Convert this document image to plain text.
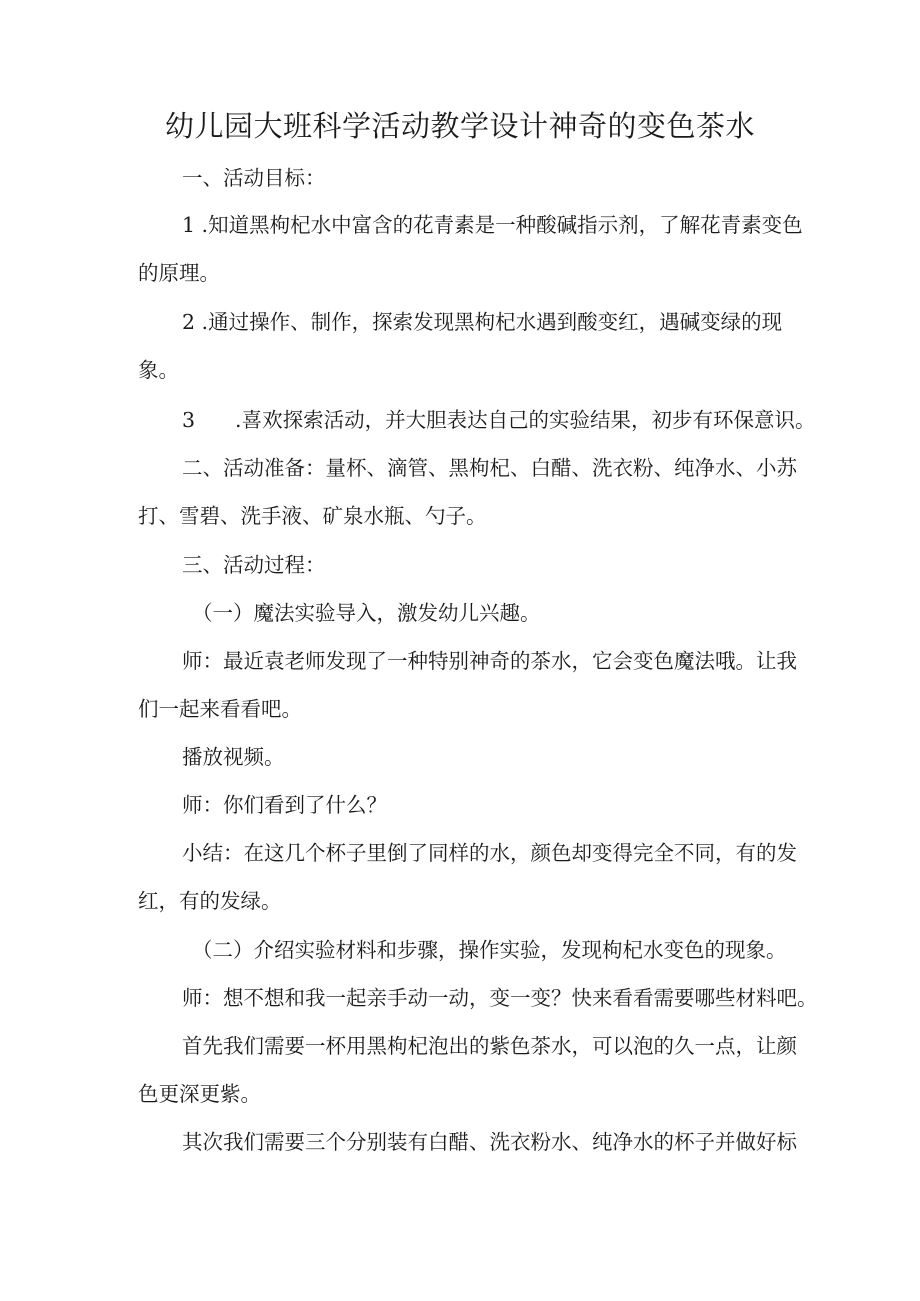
幼儿园大班科学活动教学设计神奇的变色茶水
一、活动目标：
1 .知道黑枸杞水中富含的花青素是一种酸碱指示剂，了解花青素变色
的原理。
2 .通过操作、制作，探索发现黑枸杞水遇到酸变红，遇碱变绿的现
象。
3 .喜欢探索活动，并大胆表达自己的实验结果，初步有环保意识。
二、活动准备：量杯、滴管、黑枸杞、白醋、洗衣粉、纯净水、小苏
打、雪碧、洗手液、矿泉水瓶、勺子。
三、活动过程：
（一）魔法实验导入，激发幼儿兴趣。
师：最近袁老师发现了一种特别神奇的茶水，它会变色魔法哦。让我
们一起来看看吧。
播放视频。
师：你们看到了什么？
小结：在这几个杯子里倒了同样的水，颜色却变得完全不同，有的发
红，有的发绿。
（二）介绍实验材料和步骤，操作实验，发现枸杞水变色的现象。
师：想不想和我一起亲手动一动，变一变？快来看看需要哪些材料吧。
首先我们需要一杯用黑枸杞泡出的紫色茶水，可以泡的久一点，让颜
色更深更紫。
其次我们需要三个分别装有白醋、洗衣粉水、纯净水的杯子并做好标
